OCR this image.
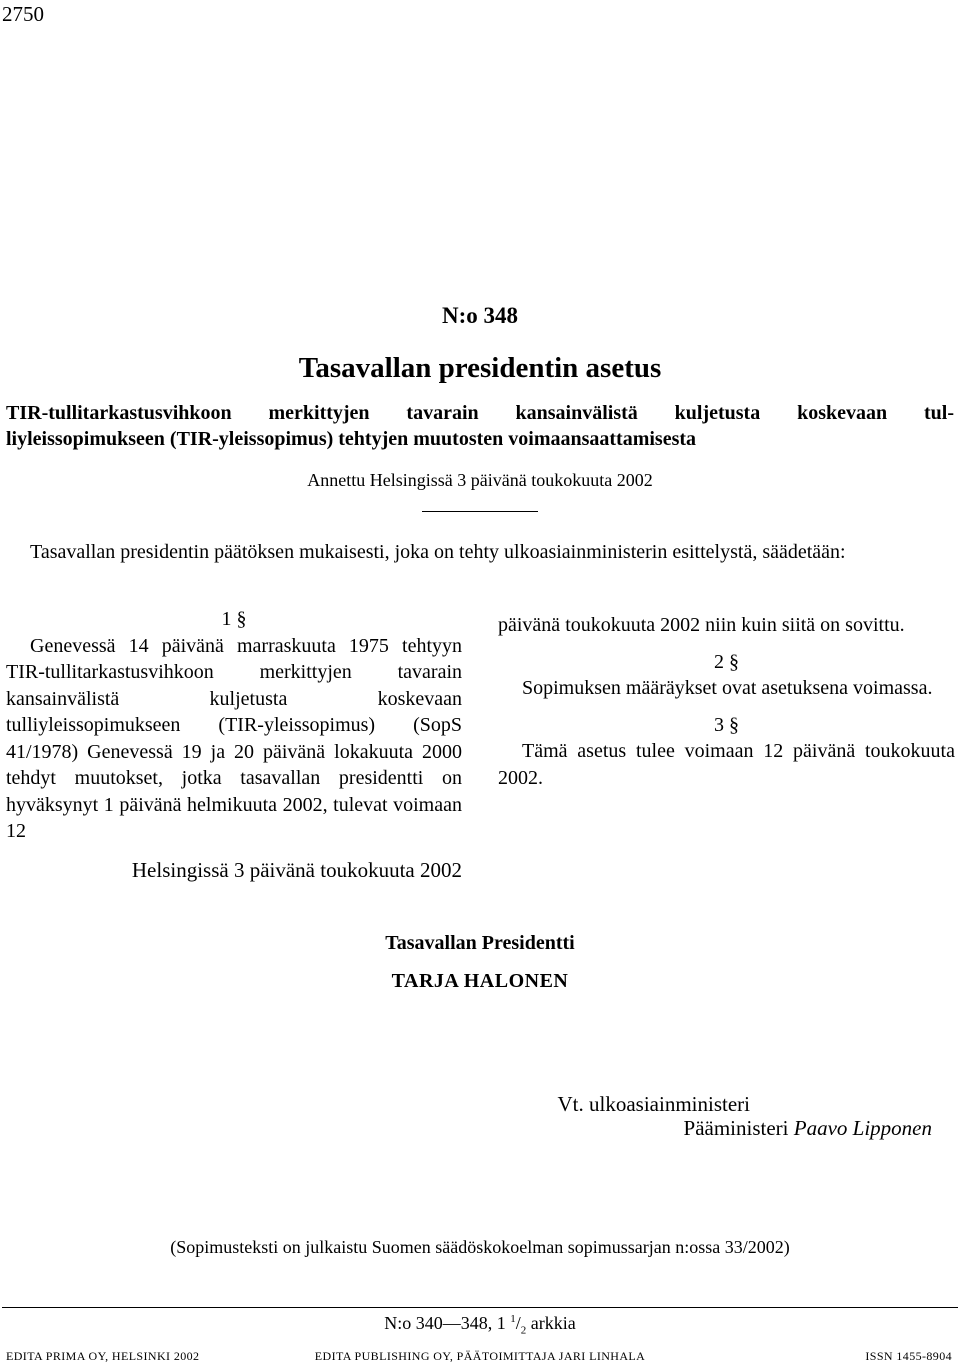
2750
N:o 348
Tasavallan presidentin asetus
TIR-tullitarkastusvihkoon merkittyjen tavarain kansainvälistä kuljetusta koskevaan tul-
liyleissopimukseen (TIR-yleissopimus) tehtyjen muutosten voimaansaattamisesta
Annettu Helsingissä 3 päivänä toukokuuta 2002
Tasavallan presidentin päätöksen mukaisesti, joka on tehty ulkoasiainministerin esittelystä, säädetään:
1 §

Genevessä 14 päivänä marraskuuta 1975 tehtyyn TIR-tullitarkastusvihkoon merkittyjen tavarain kansainvälistä kuljetusta koskevaan tulliyleissopimukseen (TIR-yleissopimus) (SopS 41/1978) Genevessä 19 ja 20 päivänä lokakuuta 2000 tehdyt muutokset, jotka tasavallan presidentti on hyväksynyt 1 päivänä helmikuuta 2002, tulevat voimaan 12

päivänä toukokuuta 2002 niin kuin siitä on sovittu.

2 §

Sopimuksen määräykset ovat asetuksena voimassa.

3 §

Tämä asetus tulee voimaan 12 päivänä toukokuuta 2002.

Helsingissä 3 päivänä toukokuuta 2002
Tasavallan Presidentti
TARJA HALONEN
Vt. ulkoasiainministeri
Pääministeri Paavo Lipponen
(Sopimusteksti on julkaistu Suomen säädöskokoelman sopimussarjan n:ossa 33/2002)
N:o 340—348, 1 $^1/_2$ arkkia
EDITA PRIMA OY, HELSINKI 2002	EDITA PUBLISHING OY, PÄÄTOIMITTAJA JARI LINHALA	ISSN 1455-8904
